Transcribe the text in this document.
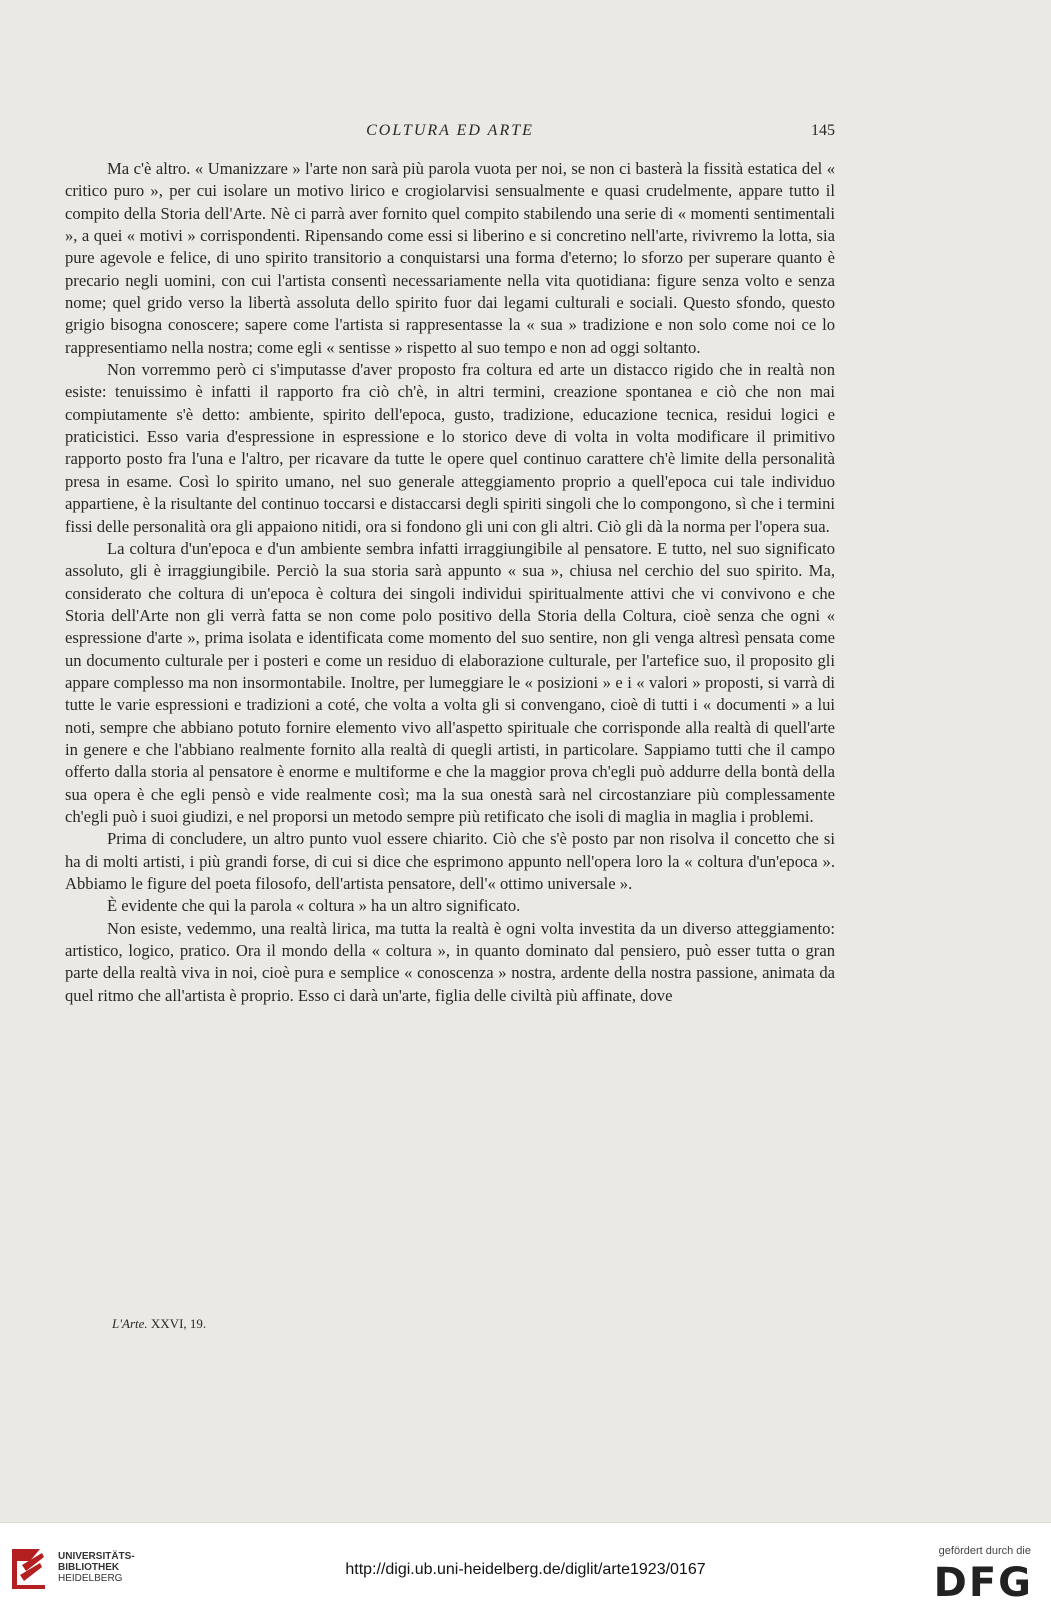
COLTURA ED ARTE	145

Ma c'è altro. « Umanizzare » l'arte non sarà più parola vuota per noi, se non ci basterà la fissità estatica del « critico puro », per cui isolare un motivo lirico e crogiolarvisi sensualmente e quasi crudelmente, appare tutto il compito della Storia dell'Arte. Nè ci parrà aver fornito quel compito stabilendo una serie di « momenti sentimentali », a quei « motivi » corrispondenti. Ripensando come essi si liberino e si concretino nell'arte, rivivremo la lotta, sia pure agevole e felice, di uno spirito transitorio a conquistarsi una forma d'eterno; lo sforzo per superare quanto è precario negli uomini, con cui l'artista consentì necessariamente nella vita quotidiana: figure senza volto e senza nome; quel grido verso la libertà assoluta dello spirito fuor dai legami culturali e sociali. Questo sfondo, questo grigio bisogna conoscere; sapere come l'artista si rappresentasse la « sua » tradizione e non solo come noi ce lo rappresentiamo nella nostra; come egli « sentisse » rispetto al suo tempo e non ad oggi soltanto.

Non vorremmo però ci s'imputasse d'aver proposto fra coltura ed arte un distacco rigido che in realtà non esiste: tenuissimo è infatti il rapporto fra ciò ch'è, in altri termini, creazione spontanea e ciò che non mai compiutamente s'è detto: ambiente, spirito dell'epoca, gusto, tradizione, educazione tecnica, residui logici e praticistici. Esso varia d'espressione in espressione e lo storico deve di volta in volta modificare il primitivo rapporto posto fra l'una e l'altro, per ricavare da tutte le opere quel continuo carattere ch'è limite della personalità presa in esame. Così lo spirito umano, nel suo generale atteggiamento proprio a quell'epoca cui tale individuo appartiene, è la risultante del continuo toccarsi e distaccarsi degli spiriti singoli che lo compongono, sì che i termini fissi delle personalità ora gli appaiono nitidi, ora si fondono gli uni con gli altri. Ciò gli dà la norma per l'opera sua.

La coltura d'un'epoca e d'un ambiente sembra infatti irraggiungibile al pensatore. E tutto, nel suo significato assoluto, gli è irraggiungibile. Perciò la sua storia sarà appunto « sua », chiusa nel cerchio del suo spirito. Ma, considerato che coltura di un'epoca è coltura dei singoli individui spiritualmente attivi che vi convivono e che Storia dell'Arte non gli verrà fatta se non come polo positivo della Storia della Coltura, cioè senza che ogni « espressione d'arte », prima isolata e identificata come momento del suo sentire, non gli venga altresì pensata come un documento culturale per i posteri e come un residuo di elaborazione culturale, per l'artefice suo, il proposito gli appare complesso ma non insormontabile. Inoltre, per lumeggiare le « posizioni » e i « valori » proposti, si varrà di tutte le varie espressioni e tradizioni a coté, che volta a volta gli si convengano, cioè di tutti i « documenti » a lui noti, sempre che abbiano potuto fornire elemento vivo all'aspetto spirituale che corrisponde alla realtà di quell'arte in genere e che l'abbiano realmente fornito alla realtà di quegli artisti, in particolare. Sappiamo tutti che il campo offerto dalla storia al pensatore è enorme e multiforme e che la maggior prova ch'egli può addurre della bontà della sua opera è che egli pensò e vide realmente così; ma la sua onestà sarà nel circostanziare più complessamente ch'egli può i suoi giudizi, e nel proporsi un metodo sempre più retificato che isoli di maglia in maglia i problemi.

Prima di concludere, un altro punto vuol essere chiarito. Ciò che s'è posto par non risolva il concetto che si ha di molti artisti, i più grandi forse, di cui si dice che esprimono appunto nell'opera loro la « coltura d'un'epoca ». Abbiamo le figure del poeta filosofo, dell'artista pensatore, dell'« ottimo universale ».

È evidente che qui la parola « coltura » ha un altro significato.

Non esiste, vedemmo, una realtà lirica, ma tutta la realtà è ogni volta investita da un diverso atteggiamento: artistico, logico, pratico. Ora il mondo della « coltura », in quanto dominato dal pensiero, può esser tutta o gran parte della realtà viva in noi, cioè pura e semplice « conoscenza » nostra, ardente della nostra passione, animata da quel ritmo che all'artista è proprio. Esso ci darà un'arte, figlia delle civiltà più affinate, dove

L'Arte. XXVI, 19.
UNIVERSITÄTS-
BIBLIOTHEK
HEIDELBERG
http://digi.ub.uni-heidelberg.de/diglit/arte1923/0167
gefördert durch die
DFG
